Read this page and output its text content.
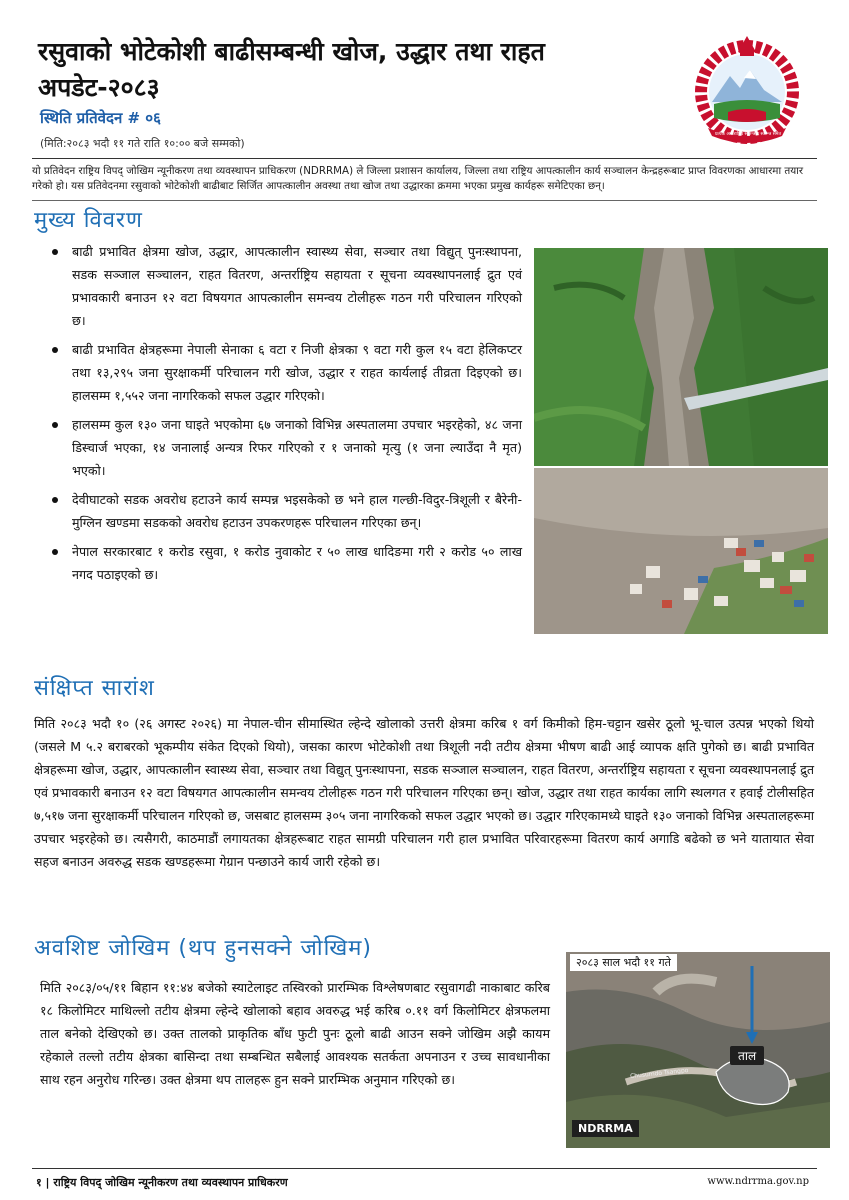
रसुवाको भोटेकोशी बाढीसम्बन्धी खोज, उद्धार तथा राहत अपडेट-२०८३
स्थिति प्रतिवेदन # ०६
(मिति:२०८३ भदौ ११ गते राति १०:०० बजे सम्मको)
प्रत्येक अन्तराष्ट्रिय स्वतन्त्रीय स्वतन्त्र समेत
यो प्रतिवेदन राष्ट्रिय विपद् जोखिम न्यूनीकरण तथा व्यवस्थापन प्राधिकरण (NDRRMA) ले जिल्ला प्रशासन कार्यालय, जिल्ला तथा राष्ट्रिय आपत्कालीन कार्य सञ्चालन केन्द्रहरूबाट प्राप्त विवरणका आधारमा तयार गरेको हो। यस प्रतिवेदनमा रसुवाको भोटेकोशी बाढीबाट सिर्जित आपत्कालीन अवस्था तथा खोज तथा उद्धारका क्रममा भएका प्रमुख कार्यहरू समेटिएका छन्।
मुख्य विवरण
बाढी प्रभावित क्षेत्रमा खोज, उद्धार, आपत्कालीन स्वास्थ्य सेवा, सञ्चार तथा विद्युत् पुनःस्थापना, सडक सञ्जाल सञ्चालन, राहत वितरण, अन्तर्राष्ट्रिय सहायता र सूचना व्यवस्थापनलाई द्रुत एवं प्रभावकारी बनाउन १२ वटा विषयगत आपत्कालीन समन्वय टोलीहरू गठन गरी परिचालन गरिएको छ।
बाढी प्रभावित क्षेत्रहरूमा नेपाली सेनाका ६ वटा र निजी क्षेत्रका ९ वटा गरी कुल १५ वटा हेलिकप्टर तथा १३,२९५ जना सुरक्षाकर्मी परिचालन गरी खोज, उद्धार र राहत कार्यलाई तीव्रता दिइएको छ। हालसम्म १,५५२ जना नागरिकको सफल उद्धार गरिएको।
हालसम्म कुल १३० जना घाइते भएकोमा ६७ जनाको विभिन्न अस्पतालमा उपचार भइरहेको, ४८ जना डिस्चार्ज भएका, १४ जनालाई अन्यत्र रिफर गरिएको र १ जनाको मृत्यु (१ जना ल्याउँदा नै मृत) भएको।
देवीघाटको सडक अवरोध हटाउने कार्य सम्पन्न भइसकेको छ भने हाल गल्छी-विदुर-त्रिशूली र बैरेनी-मुग्लिन खण्डमा सडकको अवरोध हटाउन उपकरणहरू परिचालन गरिएका छन्।
नेपाल सरकारबाट १ करोड रसुवा, १ करोड नुवाकोट र ५० लाख धादिङमा गरी २ करोड ५० लाख नगद पठाइएको छ।
संक्षिप्त सारांश
मिति २०८३ भदौ १० (२६ अगस्ट २०२६) मा नेपाल-चीन सीमास्थित ल्हेन्दे खोलाको उत्तरी क्षेत्रमा करिब १ वर्ग किमीको हिम-चट्टान खसेर ठूलो भू-चाल उत्पन्न भएको थियो (जसले M ५.२ बराबरको भूकम्पीय संकेत दिएको थियो), जसका कारण भोटेकोशी तथा त्रिशूली नदी तटीय क्षेत्रमा भीषण बाढी आई व्यापक क्षति पुगेको छ। बाढी प्रभावित क्षेत्रहरूमा खोज, उद्धार, आपत्कालीन स्वास्थ्य सेवा, सञ्चार तथा विद्युत् पुनःस्थापना, सडक सञ्जाल सञ्चालन, राहत वितरण, अन्तर्राष्ट्रिय सहायता र सूचना व्यवस्थापनलाई द्रुत एवं प्रभावकारी बनाउन १२ वटा विषयगत आपत्कालीन समन्वय टोलीहरू गठन गरी परिचालन गरिएका छन्। खोज, उद्धार तथा राहत कार्यका लागि स्थलगत र हवाई टोलीसहित ७,५१७ जना सुरक्षाकर्मी परिचालन गरिएको छ, जसबाट हालसम्म ३०५ जना नागरिकको सफल उद्धार भएको छ। उद्धार गरिएकामध्ये घाइते १३० जनाको विभिन्न अस्पतालहरूमा उपचार भइरहेको छ। त्यसैगरी, काठमाडौं लगायतका क्षेत्रहरूबाट राहत सामग्री परिचालन गरी हाल प्रभावित परिवारहरूमा वितरण कार्य अगाडि बढेको छ भने यातायात सेवा सहज बनाउन अवरुद्ध सडक खण्डहरूमा गेग्रान पन्छाउने कार्य जारी रहेको छ।
अवशिष्ट जोखिम (थप हुनसक्ने जोखिम)
मिति २०८३/०५/११ बिहान ११:४४ बजेको स्याटेलाइट तस्विरको प्रारम्भिक विश्लेषणबाट रसुवागढी नाकाबाट करिब १८ किलोमिटर माथिल्लो तटीय क्षेत्रमा ल्हेन्दे खोलाको बहाव अवरुद्ध भई करिब ०.११ वर्ग किलोमिटर क्षेत्रफलमा ताल बनेको देखिएको छ। उक्त तालको प्राकृतिक बाँध फुटी पुनः ठूलो बाढी आउन सक्ने जोखिम अझै कायम रहेकाले तल्लो तटीय क्षेत्रका बासिन्दा तथा सम्बन्धित सबैलाई आवश्यक सतर्कता अपनाउन र उच्च सावधानीका साथ रहन अनुरोध गरिन्छ। उक्त क्षेत्रमा थप तालहरू हुन सक्ने प्रारम्भिक अनुमान गरिएको छ।
२०८३ साल भदौ ११ गते
ताल
Chusumdo Tsangpo
NDRRMA
१ | राष्ट्रिय विपद् जोखिम न्यूनीकरण तथा व्यवस्थापन प्राधिकरण	www.ndrrma.gov.np
